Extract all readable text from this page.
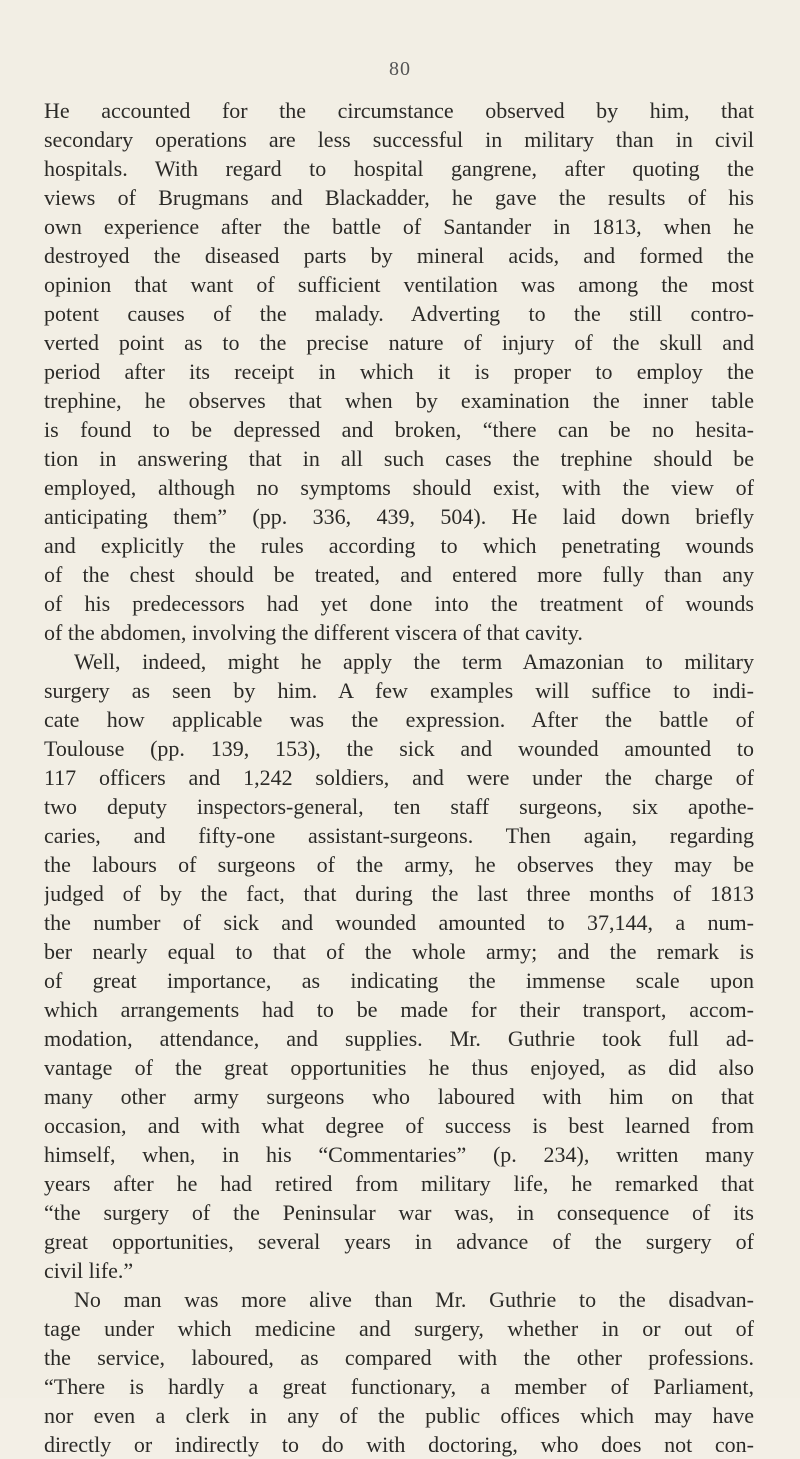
80
He accounted for the circumstance observed by him, that
secondary operations are less successful in military than in civil
hospitals. With regard to hospital gangrene, after quoting the
views of Brugmans and Blackadder, he gave the results of his
own experience after the battle of Santander in 1813, when he
destroyed the diseased parts by mineral acids, and formed the
opinion that want of sufficient ventilation was among the most
potent causes of the malady. Adverting to the still contro-
verted point as to the precise nature of injury of the skull and
period after its receipt in which it is proper to employ the
trephine, he observes that when by examination the inner table
is found to be depressed and broken, “there can be no hesita-
tion in answering that in all such cases the trephine should be
employed, although no symptoms should exist, with the view of
anticipating them” (pp. 336, 439, 504). He laid down briefly
and explicitly the rules according to which penetrating wounds
of the chest should be treated, and entered more fully than any
of his predecessors had yet done into the treatment of wounds
of the abdomen, involving the different viscera of that cavity.
Well, indeed, might he apply the term Amazonian to military
surgery as seen by him. A few examples will suffice to indi-
cate how applicable was the expression. After the battle of
Toulouse (pp. 139, 153), the sick and wounded amounted to
117 officers and 1,242 soldiers, and were under the charge of
two deputy inspectors-general, ten staff surgeons, six apothe-
caries, and fifty-one assistant-surgeons. Then again, regarding
the labours of surgeons of the army, he observes they may be
judged of by the fact, that during the last three months of 1813
the number of sick and wounded amounted to 37,144, a num-
ber nearly equal to that of the whole army; and the remark is
of great importance, as indicating the immense scale upon
which arrangements had to be made for their transport, accom-
modation, attendance, and supplies. Mr. Guthrie took full ad-
vantage of the great opportunities he thus enjoyed, as did also
many other army surgeons who laboured with him on that
occasion, and with what degree of success is best learned from
himself, when, in his “Commentaries” (p. 234), written many
years after he had retired from military life, he remarked that
“the surgery of the Peninsular war was, in consequence of its
great opportunities, several years in advance of the surgery of
civil life.”
No man was more alive than Mr. Guthrie to the disadvan-
tage under which medicine and surgery, whether in or out of
the service, laboured, as compared with the other professions.
“There is hardly a great functionary, a member of Parliament,
nor even a clerk in any of the public offices which may have
directly or indirectly to do with doctoring, who does not con-
